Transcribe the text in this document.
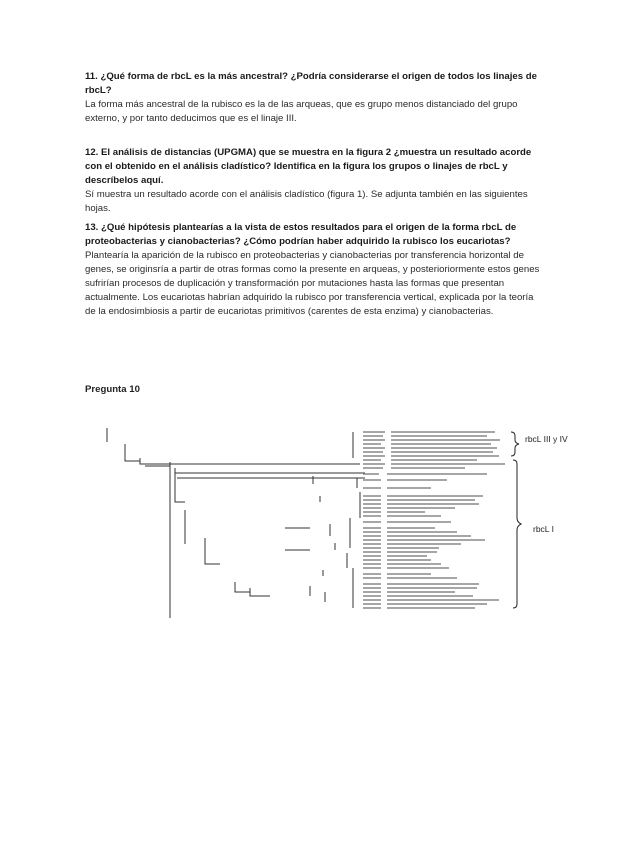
11. ¿Qué forma de rbcL es la más ancestral? ¿Podría considerarse el origen de todos los linajes de rbcL?

La forma más ancestral de la rubisco es la de las arqueas, que es grupo menos distanciado del grupo externo, y por tanto deducimos que es el linaje III.

12. El análisis de distancias (UPGMA) que se muestra en la figura 2 ¿muestra un resultado acorde con el obtenido en el análisis cladístico? Identifica en la figura los grupos o linajes de rbcL y descríbelos aquí.

Sí muestra un resultado acorde con el análisis cladístico (figura 1). Se adjunta también en las siguientes hojas.

13. ¿Qué hipótesis plantearías a la vista de estos resultados para el origen de la forma rbcL de proteobacterias y cianobacterias? ¿Cómo podrían haber adquirido la rubisco los eucariotas?

Plantearía la aparición de la rubisco en proteobacterias y cianobacterias por transferencia horizontal de genes, se originsría a partir de otras formas como la presente en arqueas, y posterioriormente estos genes sufrirían procesos de duplicación y transformación por mutaciones hasta las formas que presentan actualmente. Los eucariotas habrían adquirido la rubisco por transferencia vertical, explicada por la teoría de la endosimbiosis a partir de eucariotas primitivos (carentes de esta enzima) y cianobacterias.

Pregunta 10
rbcL III y IV
rbcL I
